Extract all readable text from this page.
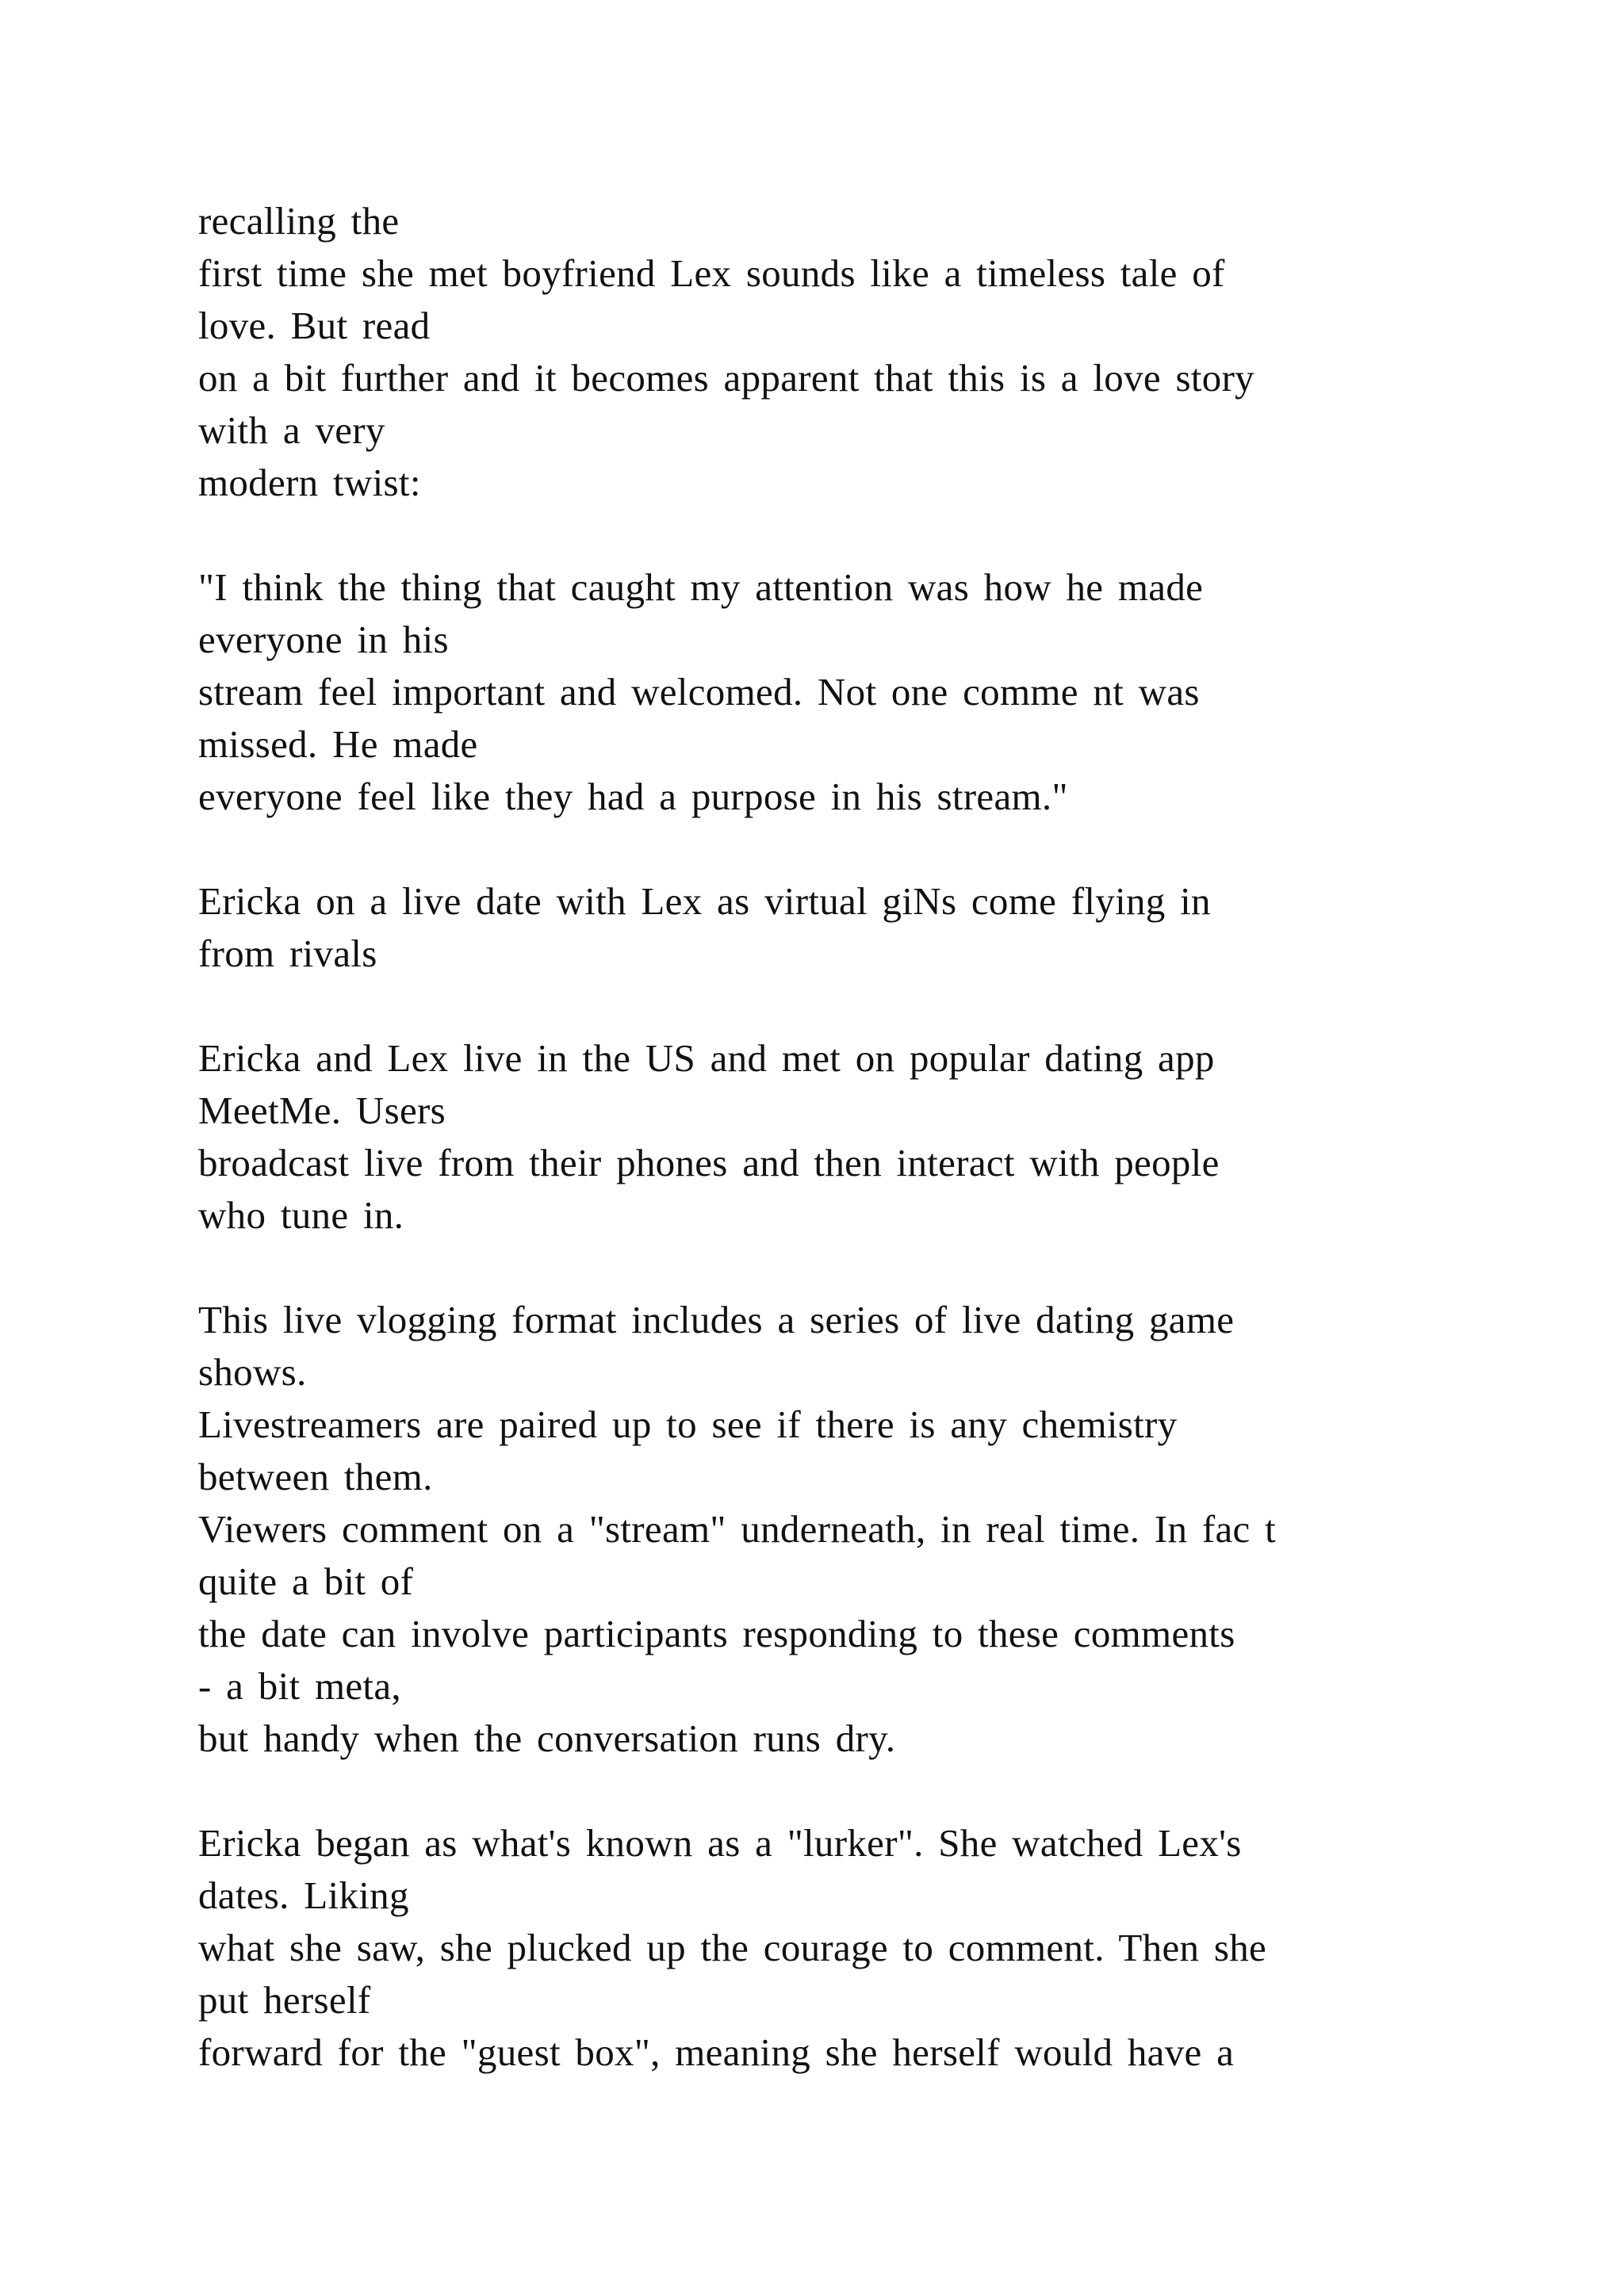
recalling the
first time she met boyfriend Lex sounds like a timeless tale of
love. But read
on a bit further and it becomes apparent that this is a love story
with a very
modern twist:
"I think the thing that caught my attention was how he made
everyone in his
stream feel important and welcomed. Not one comme nt was
missed. He made
everyone feel like they had a purpose in his stream."
Ericka on a live date with Lex as virtual giNs come flying in
from rivals
Ericka and Lex live in the US and met on popular dating app
MeetMe. Users
broadcast live from their phones and then interact with people
who tune in.
This live vlogging format includes a series of live dating game
shows.
Livestreamers are paired up to see if there is any chemistry
between them.
Viewers comment on a "stream" underneath, in real time. In fac t
quite a bit of
the date can involve participants responding to these comments
- a bit meta,
but handy when the conversation runs dry.
Ericka began as what's known as a "lurker". She watched Lex's
dates. Liking
what she saw, she plucked up the courage to comment. Then she
put herself
forward for the "guest box", meaning she herself would have a
